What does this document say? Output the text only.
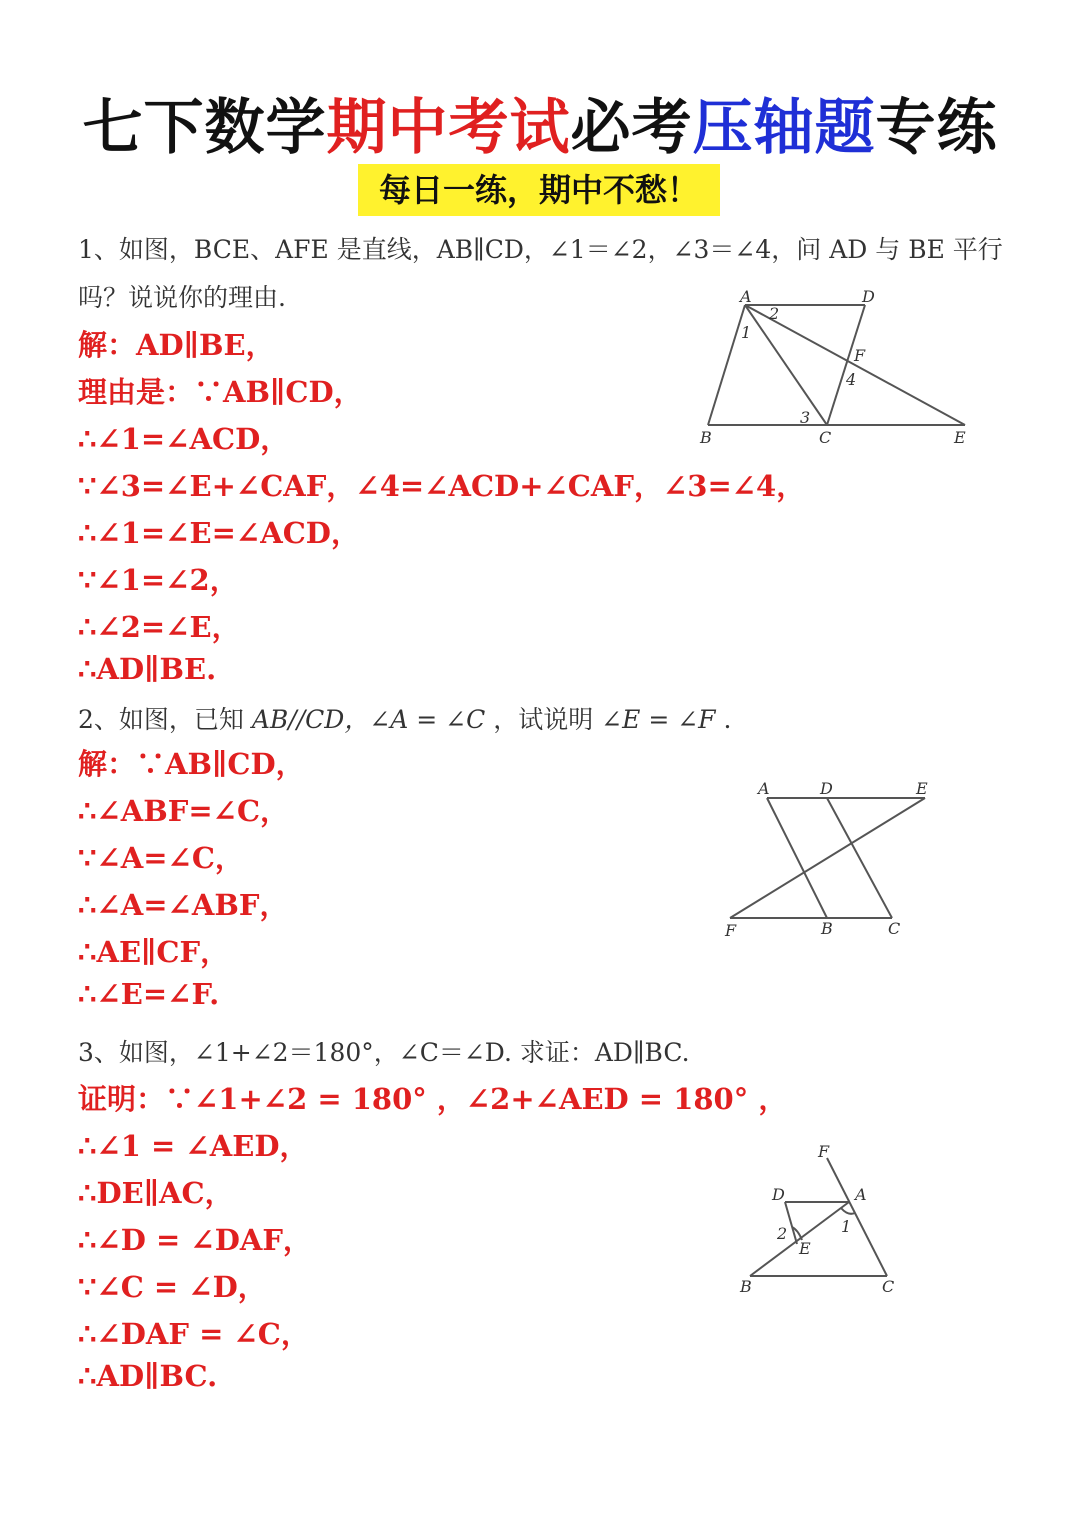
七下数学期中考试必考压轴题专练
每日一练，期中不愁！
1、如图，BCE、AFE 是直线，AB∥CD，∠1＝∠2，∠3＝∠4，问 AD 与 BE 平行
吗？说说你的理由.
解：AD∥BE，
理由是：∵AB∥CD，
∴∠1=∠ACD，
∵∠3=∠E+∠CAF，∠4=∠ACD+∠CAF，∠3=∠4，
∴∠1=∠E=∠ACD，
∵∠1=∠2，
∴∠2=∠E，
∴AD∥BE.
A	D
F
B	C	E
1
2
3
4
2、如图，已知 AB//CD，∠A = ∠C ，试说明 ∠E = ∠F .
解：∵AB∥CD，
∴∠ABF=∠C，
∵∠A=∠C，
∴∠A=∠ABF，
∴AE∥CF，
∴∠E=∠F.
A	D	E
F	B	C
3、如图，∠1+∠2＝180°，∠C＝∠D. 求证：AD∥BC.
证明：∵∠1+∠2 = 180° ，∠2+∠AED = 180° ，
∴∠1 = ∠AED，
∴DE∥AC，
∴∠D = ∠DAF，
∵∠C = ∠D，
∴∠DAF = ∠C，
∴AD∥BC.
F
D	A
1
2
E
B	C
